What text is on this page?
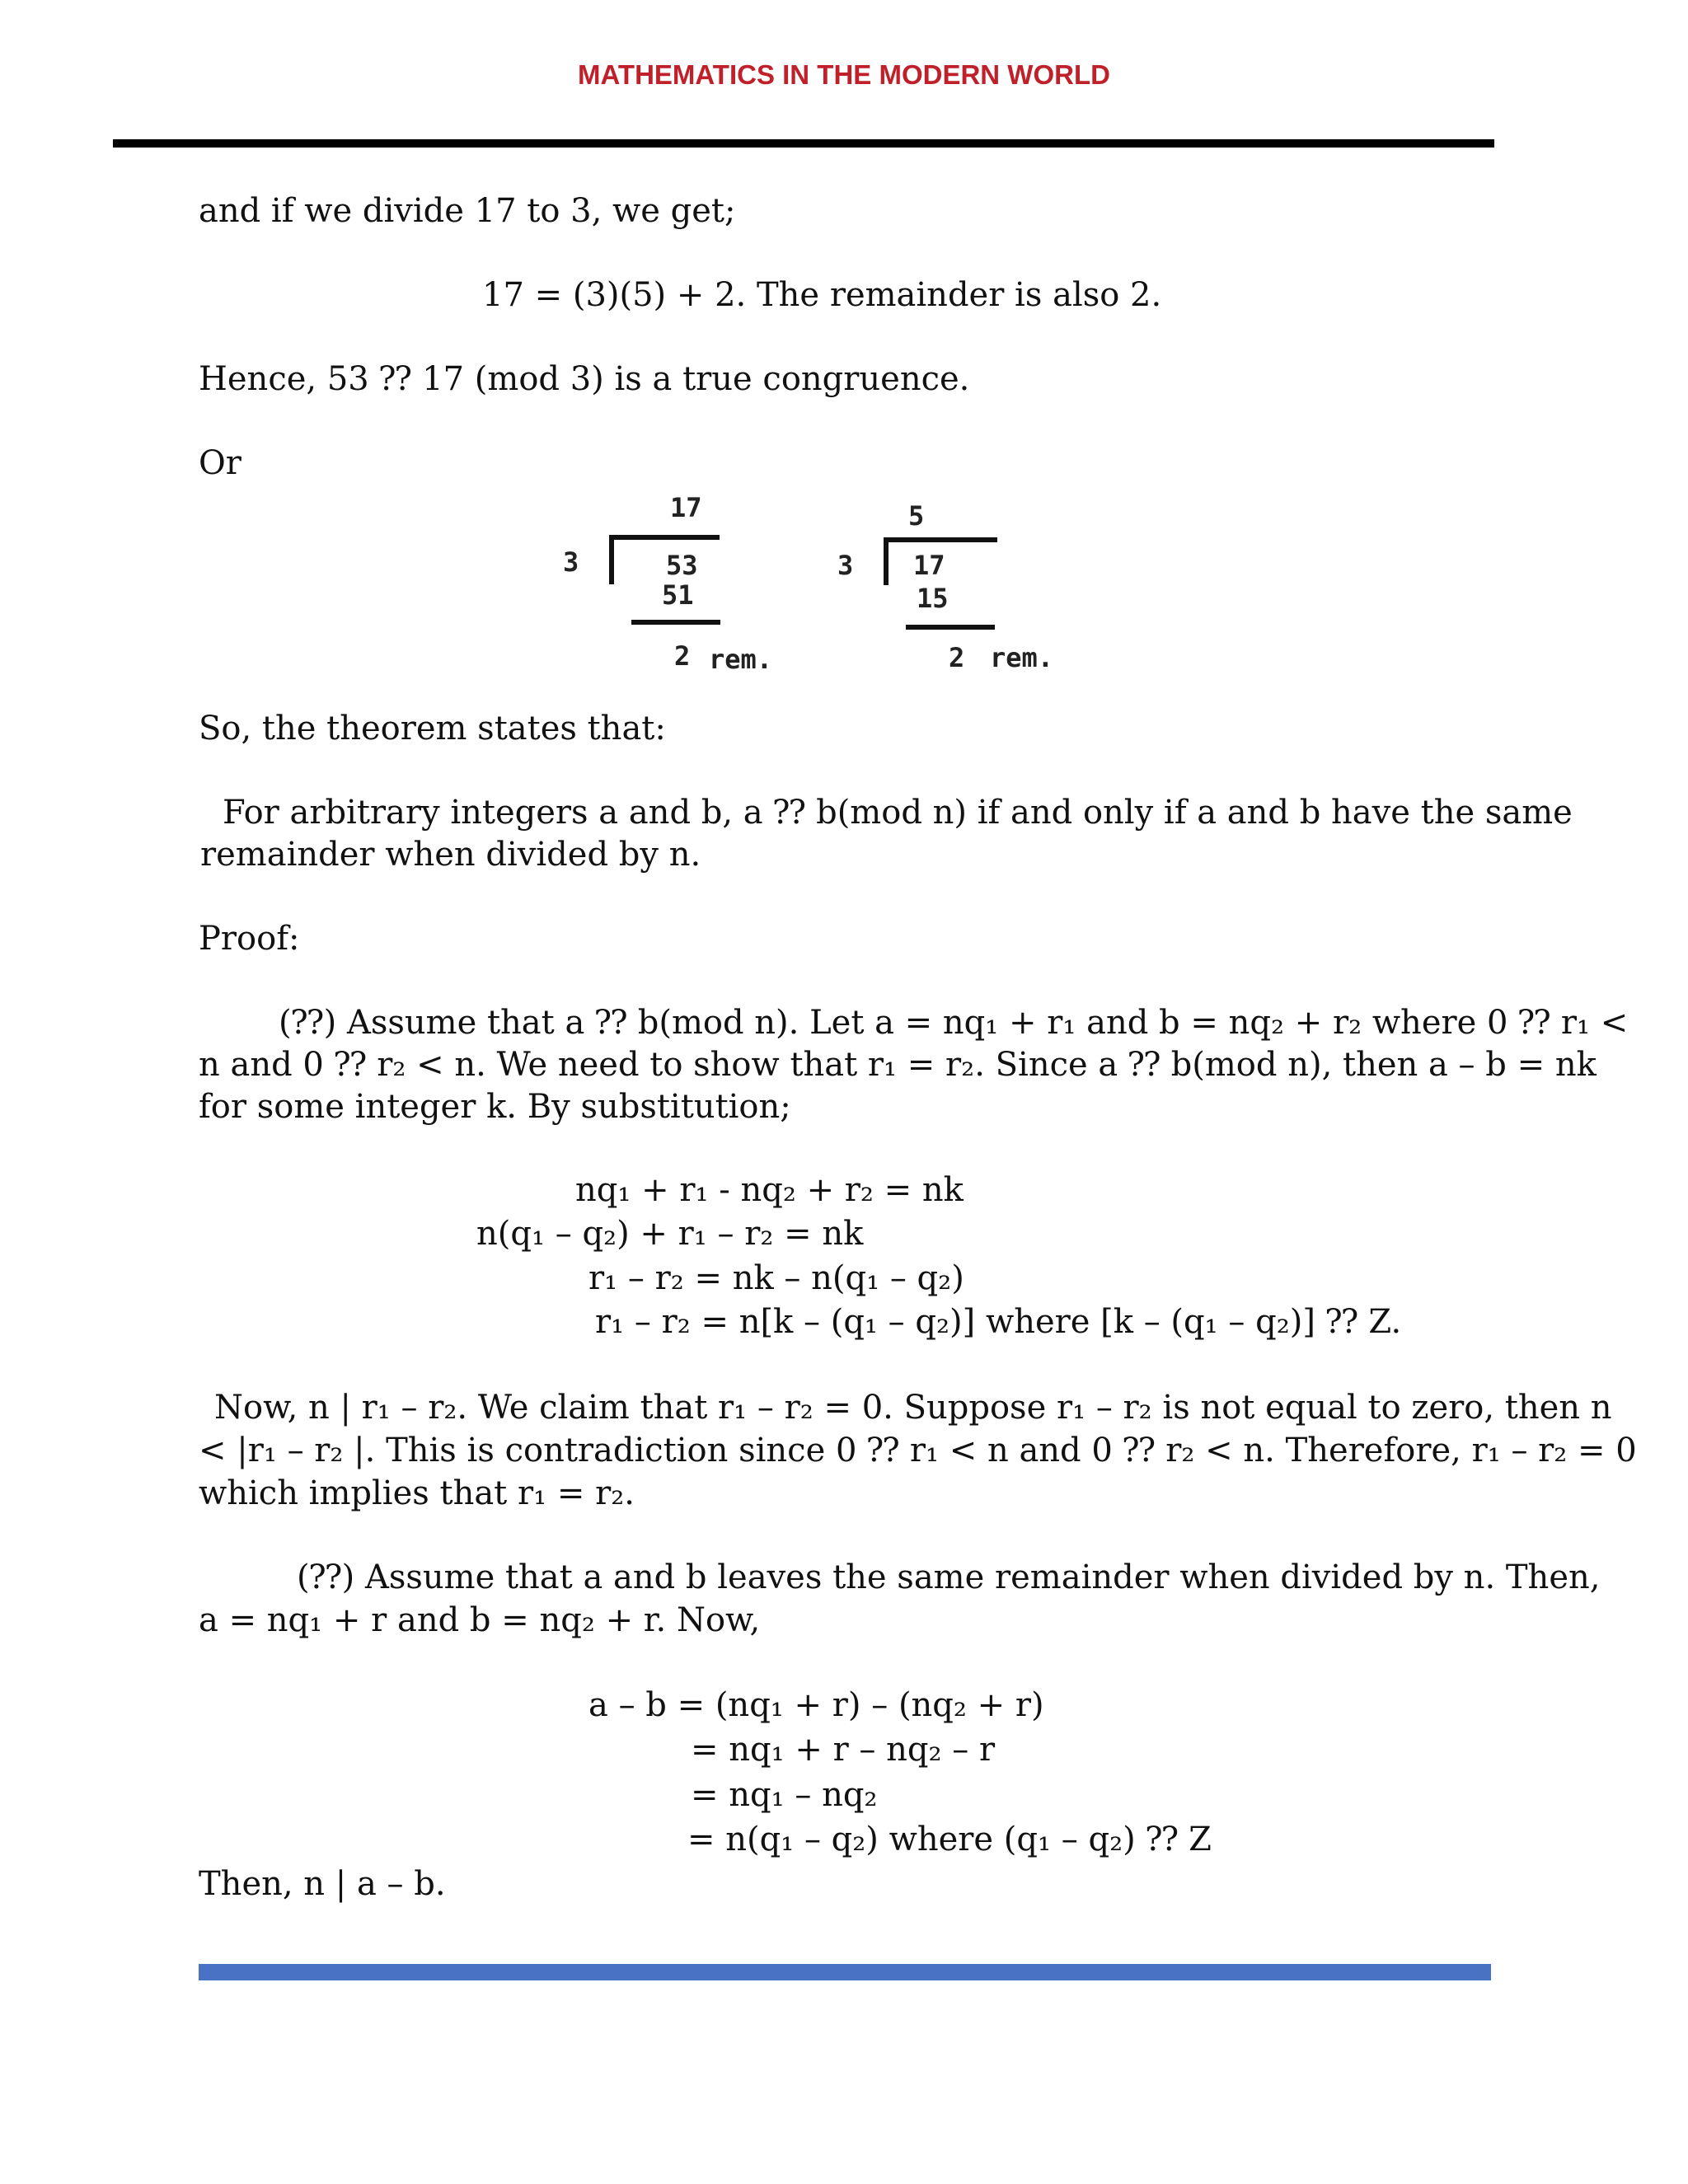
MATHEMATICS IN THE MODERN WORLD
and if we divide 17 to 3, we get;
17 = (3)(5) + 2. The remainder is also 2.
Hence, 53 ⁇ 17 (mod 3) is a true congruence.
Or
17
3	53
51
2 rem.
5
3 17
15
2 rem.
So, the theorem states that:
For arbitrary integers a and b, a ⁇ b(mod n) if and only if a and b have the same
remainder when divided by n.
Proof:
(⁇) Assume that a ⁇ b(mod n). Let a = nq₁ + r₁ and b = nq₂ + r₂ where 0 ⁇ r₁ <
n and 0 ⁇ r₂ < n. We need to show that r₁ = r₂. Since a ⁇ b(mod n), then a – b = nk
for some integer k. By substitution;
nq₁ + r₁ - nq₂ + r₂ = nk
n(q₁ – q₂) + r₁ – r₂ = nk
r₁ – r₂ = nk – n(q₁ – q₂)
r₁ – r₂ = n[k – (q₁ – q₂)] where [k – (q₁ – q₂)] ⁇ Z.
Now, n | r₁ – r₂. We claim that r₁ – r₂ = 0. Suppose r₁ – r₂ is not equal to zero, then n
< |r₁ – r₂ |. This is contradiction since 0 ⁇ r₁ < n and 0 ⁇ r₂ < n. Therefore, r₁ – r₂ = 0
which implies that r₁ = r₂.
(⁇) Assume that a and b leaves the same remainder when divided by n. Then,
a = nq₁ + r and b = nq₂ + r. Now,
a – b = (nq₁ + r) – (nq₂ + r)
= nq₁ + r – nq₂ – r
= nq₁ – nq₂
= n(q₁ – q₂) where (q₁ – q₂) ⁇ Z
Then, n | a – b.
